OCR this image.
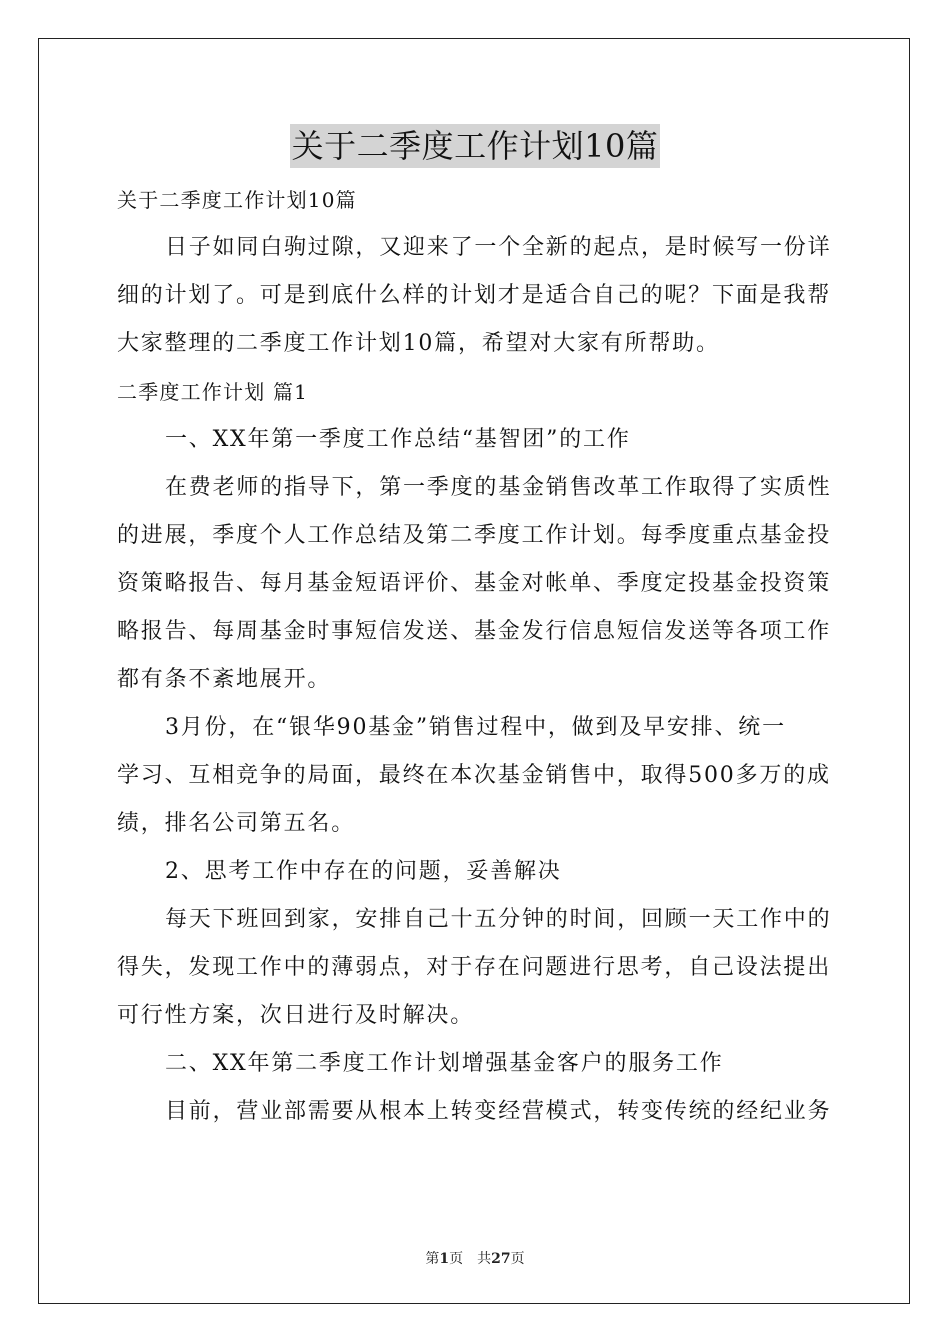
关于二季度工作计划10篇
关于二季度工作计划10篇
日子如同白驹过隙，又迎来了一个全新的起点，是时候写一份详
细的计划了。可是到底什么样的计划才是适合自己的呢？下面是我帮
大家整理的二季度工作计划10篇，希望对大家有所帮助。
二季度工作计划 篇1
一、XX年第一季度工作总结“基智团”的工作
在费老师的指导下，第一季度的基金销售改革工作取得了实质性
的进展，季度个人工作总结及第二季度工作计划。每季度重点基金投
资策略报告、每月基金短语评价、基金对帐单、季度定投基金投资策
略报告、每周基金时事短信发送、基金发行信息短信发送等各项工作
都有条不紊地展开。
3月份，在“银华90基金”销售过程中，做到及早安排、统一
学习、互相竞争的局面，最终在本次基金销售中，取得500多万的成
绩，排名公司第五名。
2、思考工作中存在的问题，妥善解决
每天下班回到家，安排自己十五分钟的时间，回顾一天工作中的
得失，发现工作中的薄弱点，对于存在问题进行思考，自己设法提出
可行性方案，次日进行及时解决。
二、XX年第二季度工作计划增强基金客户的服务工作
目前，营业部需要从根本上转变经营模式，转变传统的经纪业务
第1页　共27页
